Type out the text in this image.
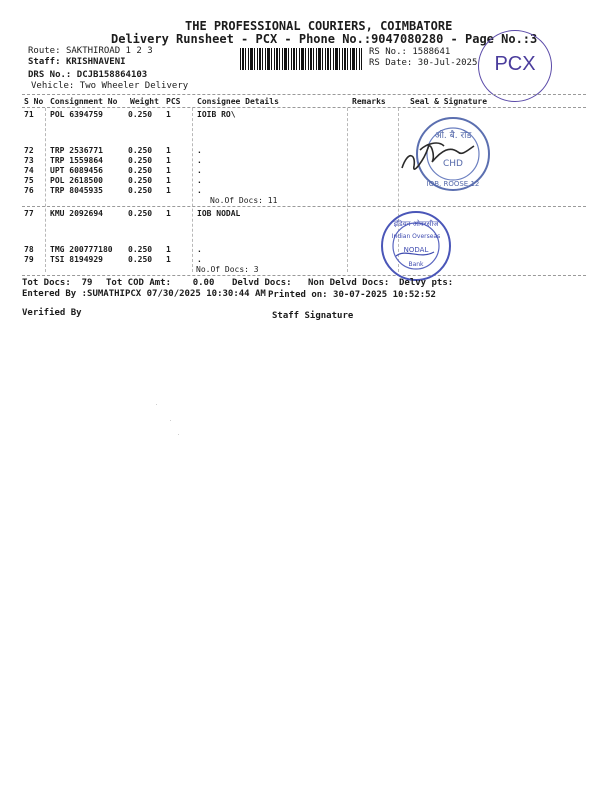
THE PROFESSIONAL COURIERS, COIMBATORE
Delivery Runsheet - PCX - Phone No.:9047080280 - Page No.:3
Route: SAKTHIROAD 1 2 3
Staff: KRISHNAVENI
DRS No.: DCJB158864103
Vehicle: Two Wheeler Delivery
RS No.: 1588641
RS Date: 30-Jul-2025 PCX
S No Consignment No Weight PCS Consignee Details	Remarks	Seal & Signature
71 POL 6394759	0.250 1	IOIB RO\
72 TRP 2536771	0.250 1	.
73 TRP 1559864	0.250 1	.
74 UPT 6089456	0.250 1	.
75 POL 2618500	0.250 1	.
76 TRP 8045935	0.250 1	.
No.Of Docs: 11
77 KMU 2092694	0.250 1	IOB NODAL
78 TMG 200777180 0.250 1	.
79 TSI 8194929	0.250 1	.
No.Of Docs: 3
ओ. बै. रोड
CHD
IOB, ROOSE 12
इंडियन ओवरसीज
Indian Overseas
NODAL
Bank
Tot Docs: 79 Tot COD Amt: 0.00 Delvd Docs: Non Delvd Docs: Delvy pts:
Entered By :SUMATHIPCX 07/30/2025 10:30:44 AM Printed on: 30-07-2025 10:52:52
Verified By	Staff Signature
